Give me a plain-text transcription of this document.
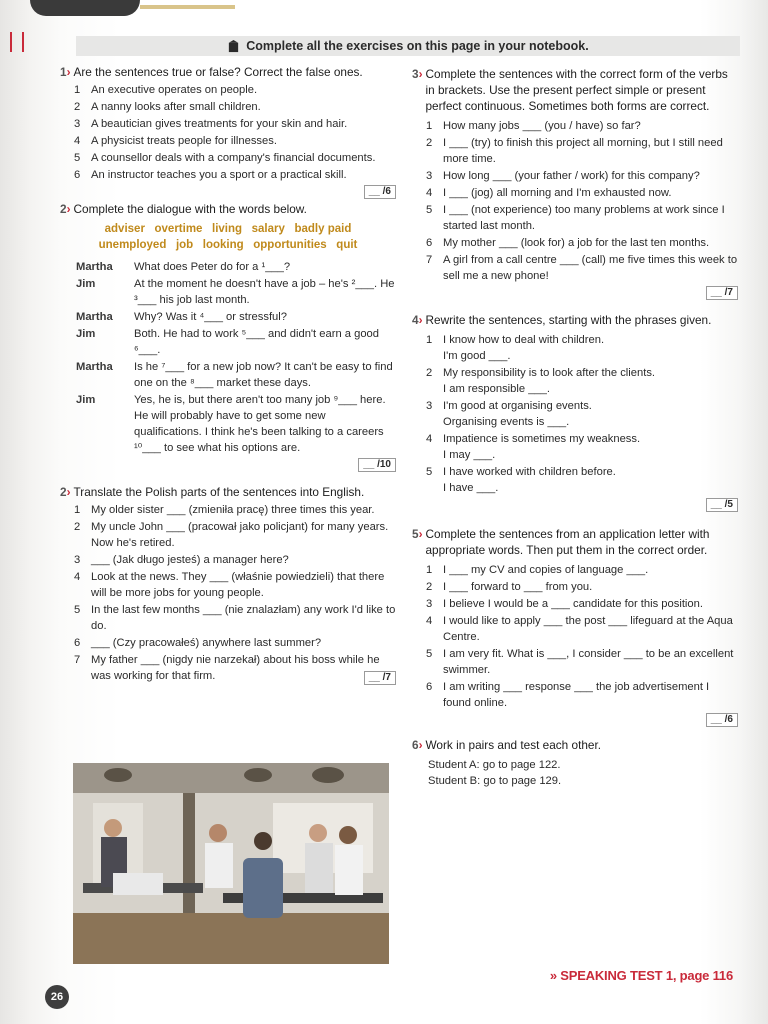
Complete all the exercises on this page in your notebook.
1› Are the sentences true or false? Correct the false ones.
1 An executive operates on people.
2 A nanny looks after small children.
3 A beautician gives treatments for your skin and hair.
4 A physicist treats people for illnesses.
5 A counsellor deals with a company's financial documents.
6 An instructor teaches you a sport or a practical skill.
__ /6
2› Complete the dialogue with the words below.
adviser   overtime   living   salary   badly paid
unemployed   job   looking   opportunities   quit
Martha	What does Peter do for a ¹___?
Jim	At the moment he doesn't have a job – he's ²___. He ³___ his job last month.
Martha	Why? Was it ⁴___ or stressful?
Jim	Both. He had to work ⁵___ and didn't earn a good ⁶___.
Martha	Is he ⁷___ for a new job now? It can't be easy to find one on the ⁸___ market these days.
Jim	Yes, he is, but there aren't too many job ⁹___ here. He will probably have to get some new qualifications. I think he's been talking to a careers ¹⁰___ to see what his options are.
__ /10
2› Translate the Polish parts of the sentences into English.
1 My older sister ___ (zmieniła pracę) three times this year.
2 My uncle John ___ (pracował jako policjant) for many years. Now he's retired.
3 ___ (Jak długo jesteś) a manager here?
4 Look at the news. They ___ (właśnie powiedzieli) that there will be more jobs for young people.
5 In the last few months ___ (nie znalazłam) any work I'd like to do.
6 ___ (Czy pracowałeś) anywhere last summer?
7 My father ___ (nigdy nie narzekał) about his boss while he was working for that firm.	__ /7
3› Complete the sentences with the correct form of the verbs in brackets. Use the present perfect simple or present perfect continuous. Sometimes both forms are correct.
1 How many jobs ___ (you / have) so far?
2 I ___ (try) to finish this project all morning, but I still need more time.
3 How long ___ (your father / work) for this company?
4 I ___ (jog) all morning and I'm exhausted now.
5 I ___ (not experience) too many problems at work since I started last month.
6 My mother ___ (look for) a job for the last ten months.
7 A girl from a call centre ___ (call) me five times this week to sell me a new phone!
__ /7
4› Rewrite the sentences, starting with the phrases given.
1 I know how to deal with children.
I'm good ___.
2 My responsibility is to look after the clients.
I am responsible ___.
3 I'm good at organising events.
Organising events is ___.
4 Impatience is sometimes my weakness.
I may ___.
5 I have worked with children before.
I have ___.
__ /5
5› Complete the sentences from an application letter with appropriate words. Then put them in the correct order.
1 I ___ my CV and copies of language ___.
2 I ___ forward to ___ from you.
3 I believe I would be a ___ candidate for this position.
4 I would like to apply ___ the post ___ lifeguard at the Aqua Centre.
5 I am very fit. What is ___, I consider ___ to be an excellent swimmer.
6 I am writing ___ response ___ the job advertisement I found online.
__ /6
6› Work in pairs and test each other.
Student A: go to page 122.
Student B: go to page 129.
» SPEAKING TEST 1, page 116
26
